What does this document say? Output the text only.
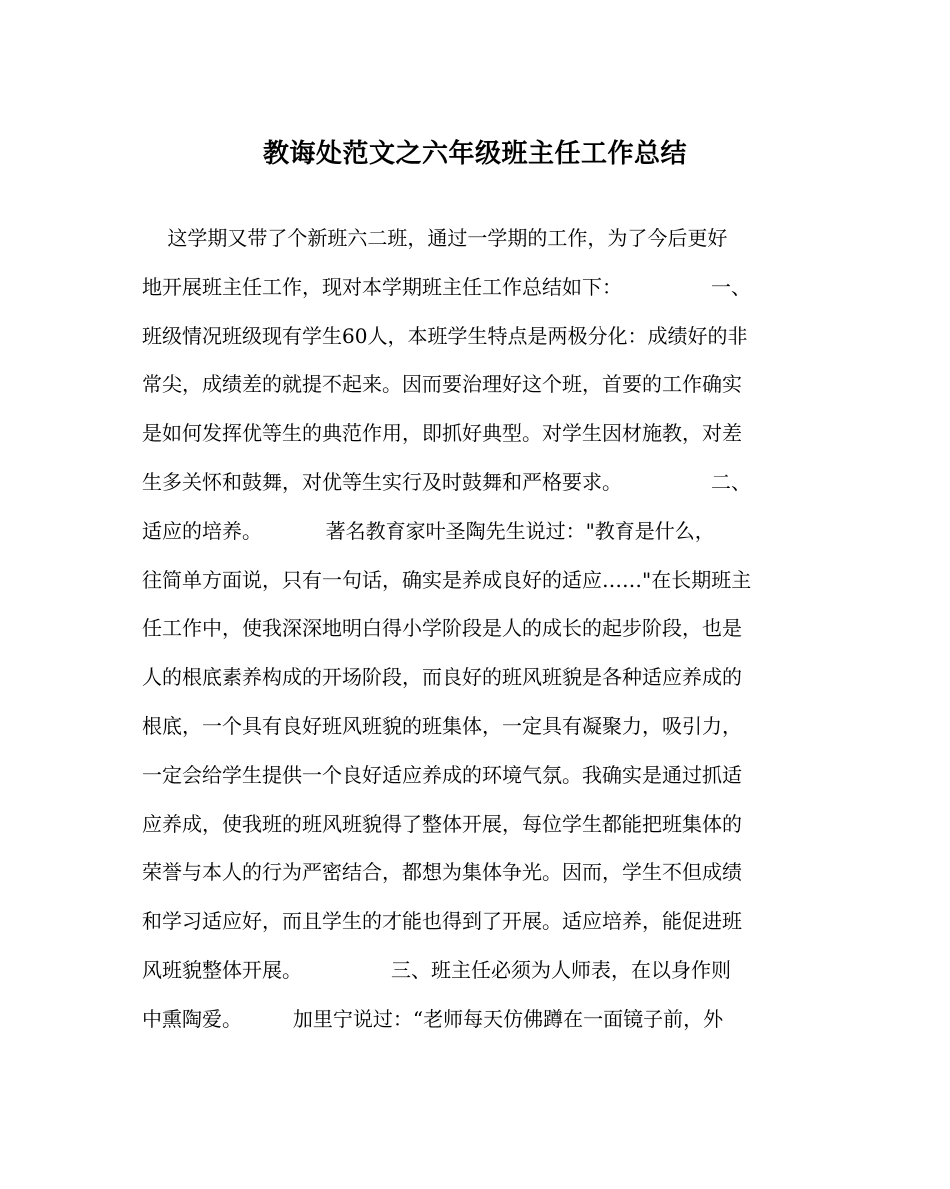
教诲处范文之六年级班主任工作总结
这学期又带了个新班六二班，通过一学期的工作，为了今后更好
地开展班主任工作，现对本学期班主任工作总结如下：              一、
班级情况班级现有学生60人，本班学生特点是两极分化：成绩好的非
常尖，成绩差的就提不起来。因而要治理好这个班，首要的工作确实
是如何发挥优等生的典范作用，即抓好典型。对学生因材施教，对差
生多关怀和鼓舞，对优等生实行及时鼓舞和严格要求。              二、
适应的培养。          著名教育家叶圣陶先生说过："教育是什么，
往简单方面说，只有一句话，确实是养成良好的适应……"在长期班主
任工作中，使我深深地明白得小学阶段是人的成长的起步阶段，也是
人的根底素养构成的开场阶段，而良好的班风班貌是各种适应养成的
根底，一个具有良好班风班貌的班集体，一定具有凝聚力，吸引力，
一定会给学生提供一个良好适应养成的环境气氛。我确实是通过抓适
应养成，使我班的班风班貌得了整体开展，每位学生都能把班集体的
荣誉与本人的行为严密结合，都想为集体争光。因而，学生不但成绩
和学习适应好，而且学生的才能也得到了开展。适应培养，能促进班
风班貌整体开展。              三、班主任必须为人师表，在以身作则
中熏陶爱。        加里宁说过：“老师每天仿佛蹲在一面镜子前，外
